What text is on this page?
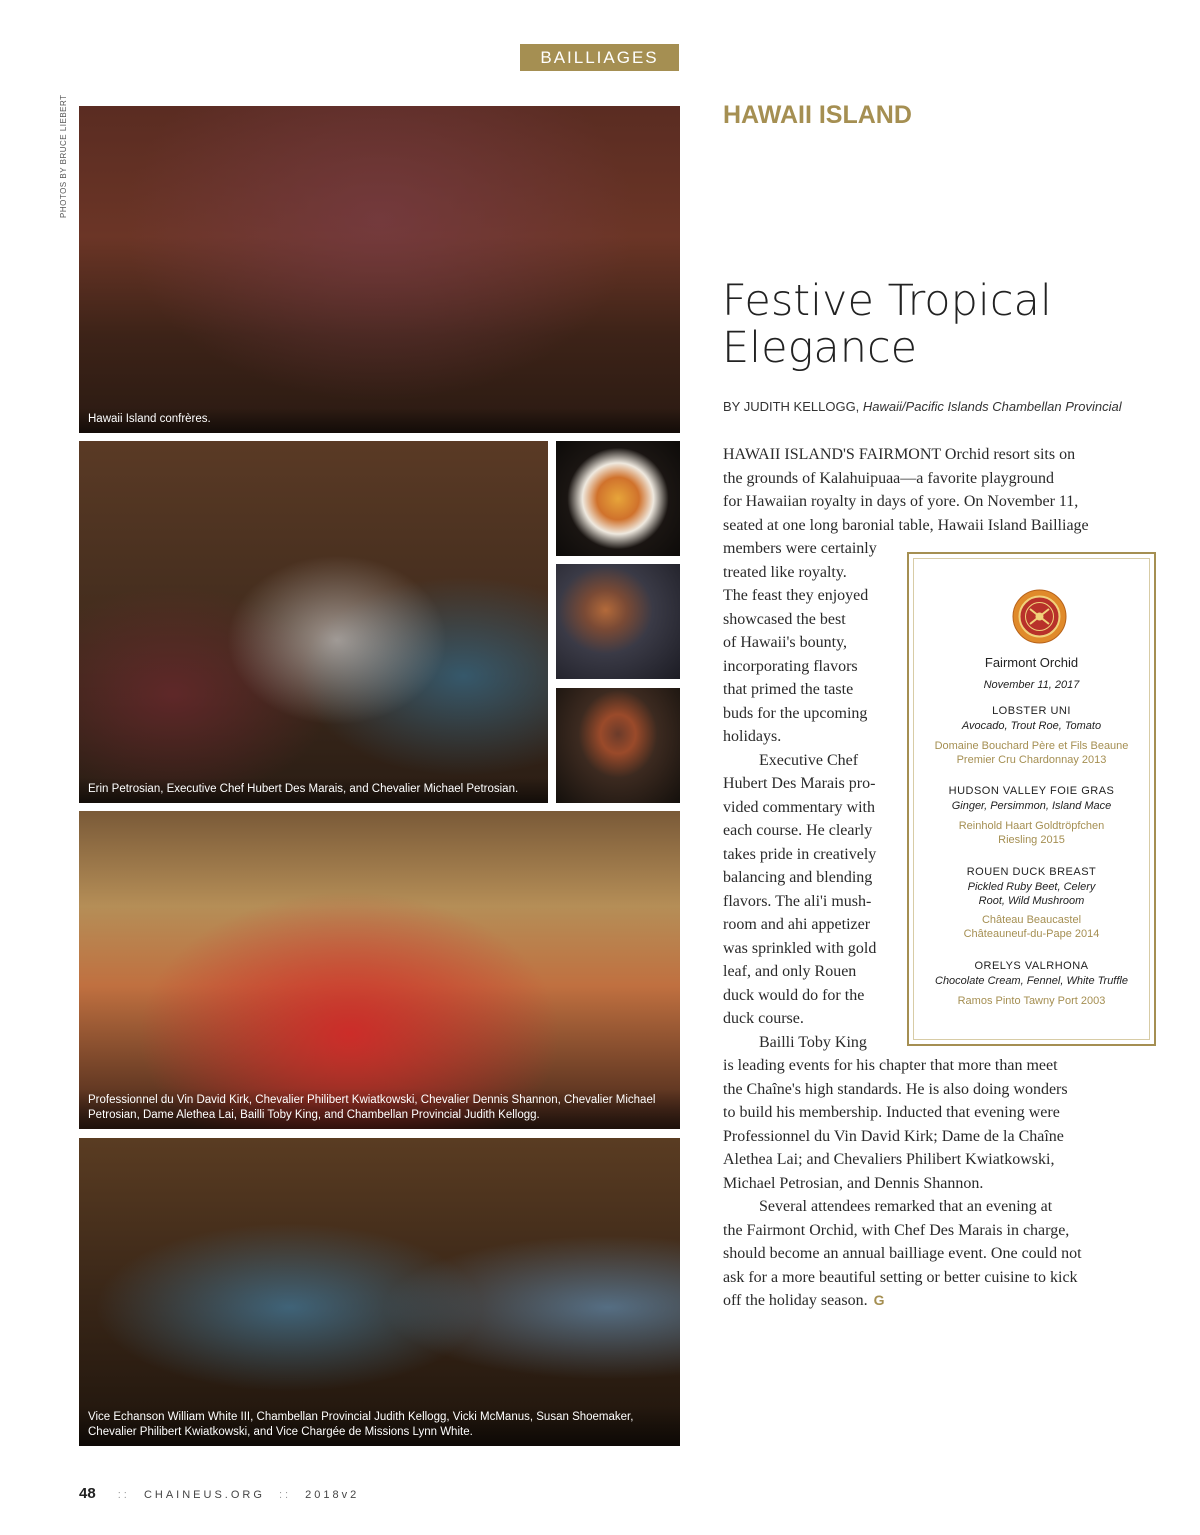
BAILLIAGES
PHOTOS BY BRUCE LIEBERT
Hawaii Island confrères.
Erin Petrosian, Executive Chef Hubert Des Marais, and Chevalier Michael Petrosian.
Professionnel du Vin David Kirk, Chevalier Philibert Kwiatkowski, Chevalier Dennis Shannon, Chevalier Michael Petrosian, Dame Alethea Lai, Bailli Toby King, and Chambellan Provincial Judith Kellogg.
Vice Echanson William White III, Chambellan Provincial Judith Kellogg, Vicki McManus, Susan Shoemaker, Chevalier Philibert Kwiatkowski, and Vice Chargée de Missions Lynn White.
HAWAII ISLAND
Festive Tropical
Elegance
BY JUDITH KELLOGG, Hawaii/Pacific Islands Chambellan Provincial

HAWAII ISLAND'S FAIRMONT Orchid resort sits on

the grounds of Kalahuipuaa—a favorite playground

for Hawaiian royalty in days of yore. On November 11,

seated at one long baronial table, Hawaii Island Bailliage

members were certainly

treated like royalty.

The feast they enjoyed

showcased the best

of Hawaii's bounty,

incorporating flavors

that primed the taste

buds for the upcoming

holidays.

Executive Chef

Hubert Des Marais pro-

vided commentary with

each course. He clearly

takes pride in creatively

balancing and blending

flavors. The ali'i mush-

room and ahi appetizer

was sprinkled with gold

leaf, and only Rouen

duck would do for the

duck course.

Bailli Toby King

is leading events for his chapter that more than meet

the Chaîne's high standards. He is also doing wonders

to build his membership. Inducted that evening were

Professionnel du Vin David Kirk; Dame de la Chaîne

Alethea Lai; and Chevaliers Philibert Kwiatkowski,

Michael Petrosian, and Dennis Shannon.

Several attendees remarked that an evening at

the Fairmont Orchid, with Chef Des Marais in charge,

should become an annual bailliage event. One could not

ask for a more beautiful setting or better cuisine to kick

off the holiday season. G

Fairmont Orchid
November 11, 2017
LOBSTER UNI
Avocado, Trout Roe, Tomato
Domaine Bouchard Père et Fils Beaune
Premier Cru Chardonnay 2013
HUDSON VALLEY FOIE GRAS
Ginger, Persimmon, Island Mace
Reinhold Haart Goldtröpfchen
Riesling 2015
ROUEN DUCK BREAST
Pickled Ruby Beet, Celery
Root, Wild Mushroom
Château Beaucastel
Châteauneuf-du-Pape 2014
ORELYS VALRHONA
Chocolate Cream, Fennel, White Truffle
Ramos Pinto Tawny Port 2003
48 :: CHAINEUS.ORG :: 2018v2
